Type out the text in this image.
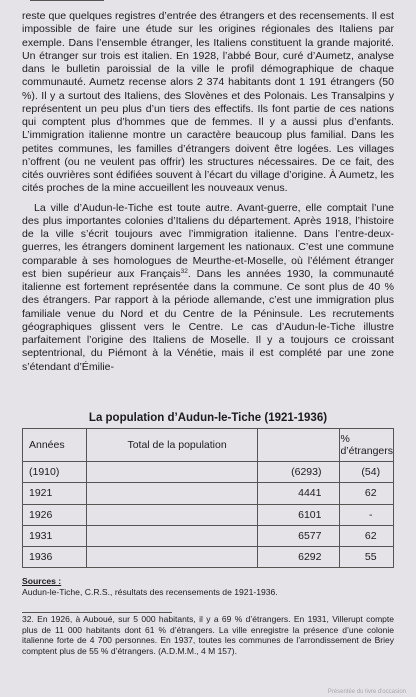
reste que quelques registres d’entrée des étrangers et des recensements. Il est impossible de faire une étude sur les origines régionales des Italiens par exemple. Dans l’ensemble étranger, les Italiens constituent la grande majorité. Un étranger sur trois est italien. En 1928, l’abbé Bour, curé d’Aumetz, analyse dans le bulletin paroissial de la ville le profil démographique de chaque communauté. Aumetz recense alors 2 374 habitants dont 1 191 étrangers (50 %). Il y a surtout des Italiens, des Slovènes et des Polonais. Les Transalpins y représentent un peu plus d’un tiers des effectifs. Ils font partie de ces nations qui comptent plus d’hommes que de femmes. Il y a aussi plus d’enfants. L’immigration italienne montre un caractère beaucoup plus familial. Dans les petites communes, les familles d’étrangers doivent être logées. Les villages n’offrent (ou ne veulent pas offrir) les structures nécessaires. De ce fait, des cités ouvrières sont édifiées souvent à l’écart du village d’origine. À Aumetz, les cités proches de la mine accueillent les nouveaux venus.

La ville d’Audun-le-Tiche est toute autre. Avant-guerre, elle comptait l’une des plus importantes colonies d’Italiens du département. Après 1918, l’histoire de la ville s’écrit toujours avec l’immigration italienne. Dans l’entre-deux-guerres, les étrangers dominent largement les nationaux. C’est une commune comparable à ses homologues de Meurthe-et-Moselle, où l’élément étranger est bien supérieur aux Français$^{32}$. Dans les années 1930, la communauté italienne est fortement représentée dans la commune. Ce sont plus de 40 % des étrangers. Par rapport à la période allemande, c’est une immigration plus familiale venue du Nord et du Centre de la Péninsule. Les recrutements géographiques glissent vers le Centre. Le cas d’Audun-le-Tiche illustre parfaitement l’origine des Italiens de Moselle. Il y a toujours ce croissant septentrional, du Piémont à la Vénétie, mais il est complété par une zone s’étendant d’Émilie-

La population d’Audun-le-Tiche (1921-1936)
Années	Total de la population		% d’étrangers
(1910)		(6293)	(54)
1921		4441	62
1926		6101	-
1931		6577	62
1936		6292	55
Sources :
Audun-le-Tiche, C.R.S., résultats des recensements de 1921-1936.
32. En 1926, à Auboué, sur 5 000 habitants, il y a 69 % d’étrangers. En 1931, Villerupt compte plus de 11 000 habitants dont 61 % d’étrangers. La ville enregistre la présence d’une colonie italienne forte de 4 700 personnes. En 1937, toutes les communes de l’arrondissement de Briey comptent plus de 55 % d’étrangers. (A.D.M.M., 4 M 157).
Présentée du livre d'occasion
